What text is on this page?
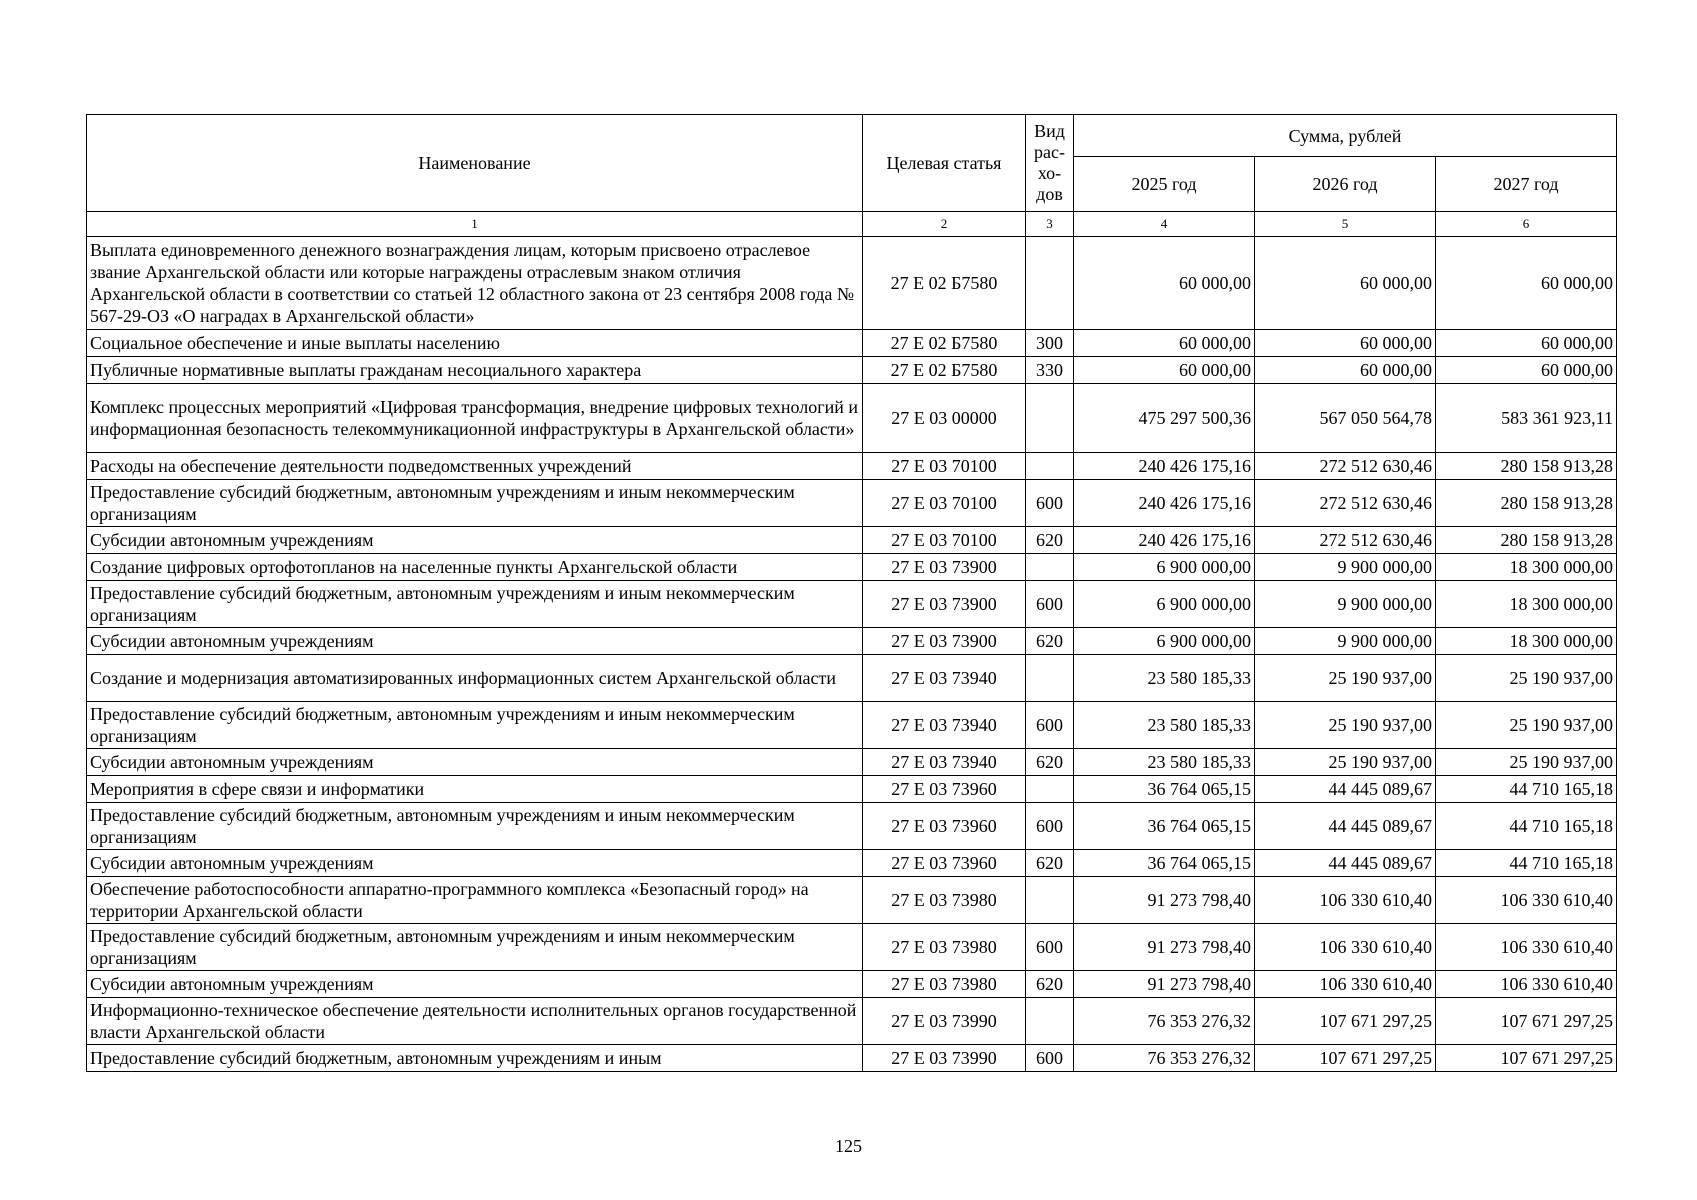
Наименование	Целевая статья	Вид рас- хо- дов	Сумма, рублей		
			2025 год	2026 год	2027 год
1	2	3	4	5	6
Выплата единовременного денежного вознаграждения лицам, которым присвоено отраслевое звание Архангельской области или которые награждены отраслевым знаком отличия Архангельской области в соответствии со статьей 12 областного закона от 23 сентября 2008 года № 567-29-ОЗ «О наградах в Архангельской области»	27 Е 02 Б7580		60 000,00	60 000,00	60 000,00
Социальное обеспечение и иные выплаты населению	27 Е 02 Б7580	300	60 000,00	60 000,00	60 000,00
Публичные нормативные выплаты гражданам несоциального характера	27 Е 02 Б7580	330	60 000,00	60 000,00	60 000,00
Комплекс процессных мероприятий «Цифровая трансформация, внедрение цифровых технологий и информационная безопасность телекоммуникационной инфраструктуры в Архангельской области»	27 Е 03 00000		475 297 500,36	567 050 564,78	583 361 923,11
Расходы на обеспечение деятельности подведомственных учреждений	27 Е 03 70100		240 426 175,16	272 512 630,46	280 158 913,28
Предоставление субсидий бюджетным, автономным учреждениям и иным некоммерческим организациям	27 Е 03 70100	600	240 426 175,16	272 512 630,46	280 158 913,28
Субсидии автономным учреждениям	27 Е 03 70100	620	240 426 175,16	272 512 630,46	280 158 913,28
Создание цифровых ортофотопланов на населенные пункты Архангельской области	27 Е 03 73900		6 900 000,00	9 900 000,00	18 300 000,00
Предоставление субсидий бюджетным, автономным учреждениям и иным некоммерческим организациям	27 Е 03 73900	600	6 900 000,00	9 900 000,00	18 300 000,00
Субсидии автономным учреждениям	27 Е 03 73900	620	6 900 000,00	9 900 000,00	18 300 000,00
Создание и модернизация автоматизированных информационных систем Архангельской области	27 Е 03 73940		23 580 185,33	25 190 937,00	25 190 937,00
Предоставление субсидий бюджетным, автономным учреждениям и иным некоммерческим организациям	27 Е 03 73940	600	23 580 185,33	25 190 937,00	25 190 937,00
Субсидии автономным учреждениям	27 Е 03 73940	620	23 580 185,33	25 190 937,00	25 190 937,00
Мероприятия в сфере связи и информатики	27 Е 03 73960		36 764 065,15	44 445 089,67	44 710 165,18
Предоставление субсидий бюджетным, автономным учреждениям и иным некоммерческим организациям	27 Е 03 73960	600	36 764 065,15	44 445 089,67	44 710 165,18
Субсидии автономным учреждениям	27 Е 03 73960	620	36 764 065,15	44 445 089,67	44 710 165,18
Обеспечение работоспособности аппаратно-программного комплекса «Безопасный город» на территории Архангельской области	27 Е 03 73980		91 273 798,40	106 330 610,40	106 330 610,40
Предоставление субсидий бюджетным, автономным учреждениям и иным некоммерческим организациям	27 Е 03 73980	600	91 273 798,40	106 330 610,40	106 330 610,40
Субсидии автономным учреждениям	27 Е 03 73980	620	91 273 798,40	106 330 610,40	106 330 610,40
Информационно-техническое обеспечение деятельности исполнительных органов государственной власти Архангельской области	27 Е 03 73990		76 353 276,32	107 671 297,25	107 671 297,25
Предоставление субсидий бюджетным, автономным учреждениям и иным	27 Е 03 73990	600	76 353 276,32	107 671 297,25	107 671 297,25
125
